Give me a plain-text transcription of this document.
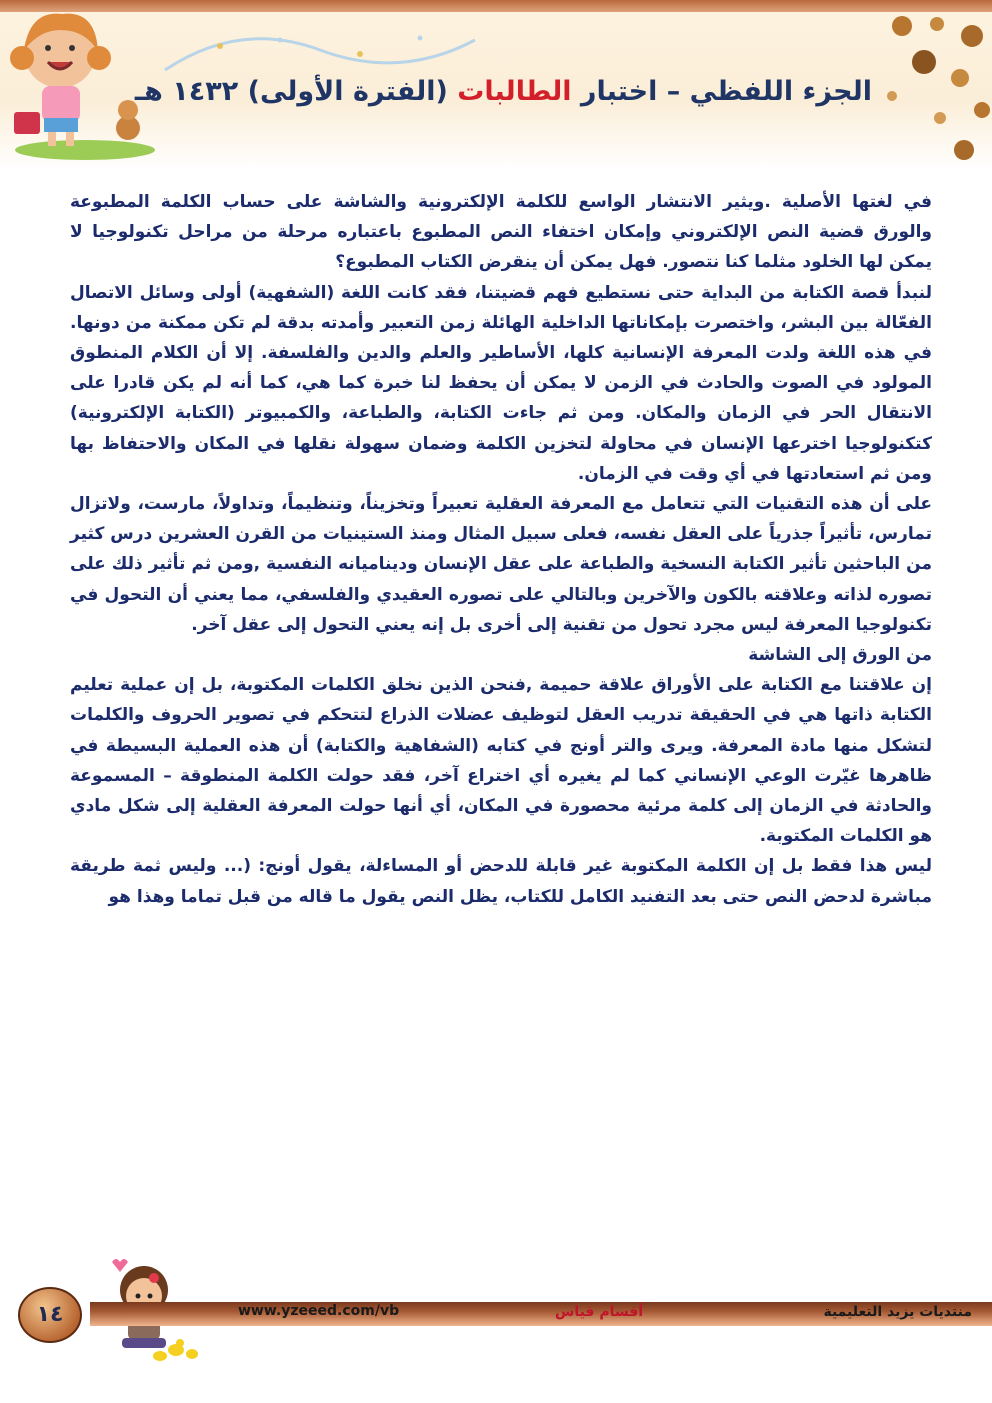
الجزء اللفظي – اختبار الطالبات (الفترة الأولى) ١٤٣٢ هـ

في لغتها الأصلية .ويثير الانتشار الواسع للكلمة الإلكترونية والشاشة على حساب الكلمة المطبوعة والورق قضية النص الإلكتروني وإمكان اختفاء النص المطبوع باعتباره مرحلة من مراحل تكنولوجيا لا يمكن لها الخلود مثلما كنا نتصور. فهل يمكن أن ينقرض الكتاب المطبوع؟

لنبدأ قصة الكتابة من البداية حتى نستطيع فهم قضيتنا، فقد كانت اللغة (الشفهية) أولى وسائل الاتصال الفعّالة بين البشر، واختصرت بإمكاناتها الداخلية الهائلة زمن التعبير وأمدته بدقة لم تكن ممكنة من دونها. في هذه اللغة ولدت المعرفة الإنسانية كلها، الأساطير والعلم والدين والفلسفة. إلا أن الكلام المنطوق المولود في الصوت والحادث في الزمن لا يمكن أن يحفظ لنا خبرة كما هي، كما أنه لم يكن قادرا على الانتقال الحر في الزمان والمكان. ومن ثم جاءت الكتابة، والطباعة، والكمبيوتر (الكتابة الإلكترونية) كتكنولوجيا اخترعها الإنسان في محاولة لتخزين الكلمة وضمان سهولة نقلها في المكان والاحتفاظ بها ومن ثم استعادتها في أي وقت في الزمان.

على أن هذه التقنيات التي تتعامل مع المعرفة العقلية تعبيراً وتخزيناً، وتنظيماً، وتداولاً، مارست، ولاتزال تمارس، تأثيراً جذرياً على العقل نفسه، فعلى سبيل المثال ومنذ الستينيات من القرن العشرين درس كثير من الباحثين تأثير الكتابة النسخية والطباعة على عقل الإنسان وديناميانه النفسية ,ومن ثم تأثير ذلك على تصوره لذاته وعلاقته بالكون والآخرين وبالتالي على تصوره العقيدي والفلسفي، مما يعني أن التحول في تكنولوجيا المعرفة ليس مجرد تحول من تقنية إلى أخرى بل إنه يعني التحول إلى عقل آخر.

من الورق إلى الشاشة

إن علاقتنا مع الكتابة على الأوراق علاقة حميمة ,فنحن الذين نخلق الكلمات المكتوبة، بل إن عملية تعليم الكتابة ذاتها هي في الحقيقة تدريب العقل لتوظيف عضلات الذراع لتتحكم في تصوير الحروف والكلمات لتشكل منها مادة المعرفة. ويرى والتر أونج في كتابه (الشفاهية والكتابة) أن هذه العملية البسيطة في ظاهرها غيّرت الوعي الإنساني كما لم يغيره أي اختراع آخر، فقد حولت الكلمة المنطوقة – المسموعة والحادثة في الزمان إلى كلمة مرئية محصورة في المكان، أي أنها حولت المعرفة العقلية إلى شكل مادي هو الكلمات المكتوبة.

ليس هذا فقط بل إن الكلمة المكتوبة غير قابلة للدحض أو المساءلة، يقول أونج: (... وليس ثمة طريقة مباشرة لدحض النص حتى بعد التفنيد الكامل للكتاب، يظل النص يقول ما قاله من قبل تماما وهذا هو

منتديات يزيد التعليمية
أقسام قياس
www.yzeeed.com/vb
١٤
